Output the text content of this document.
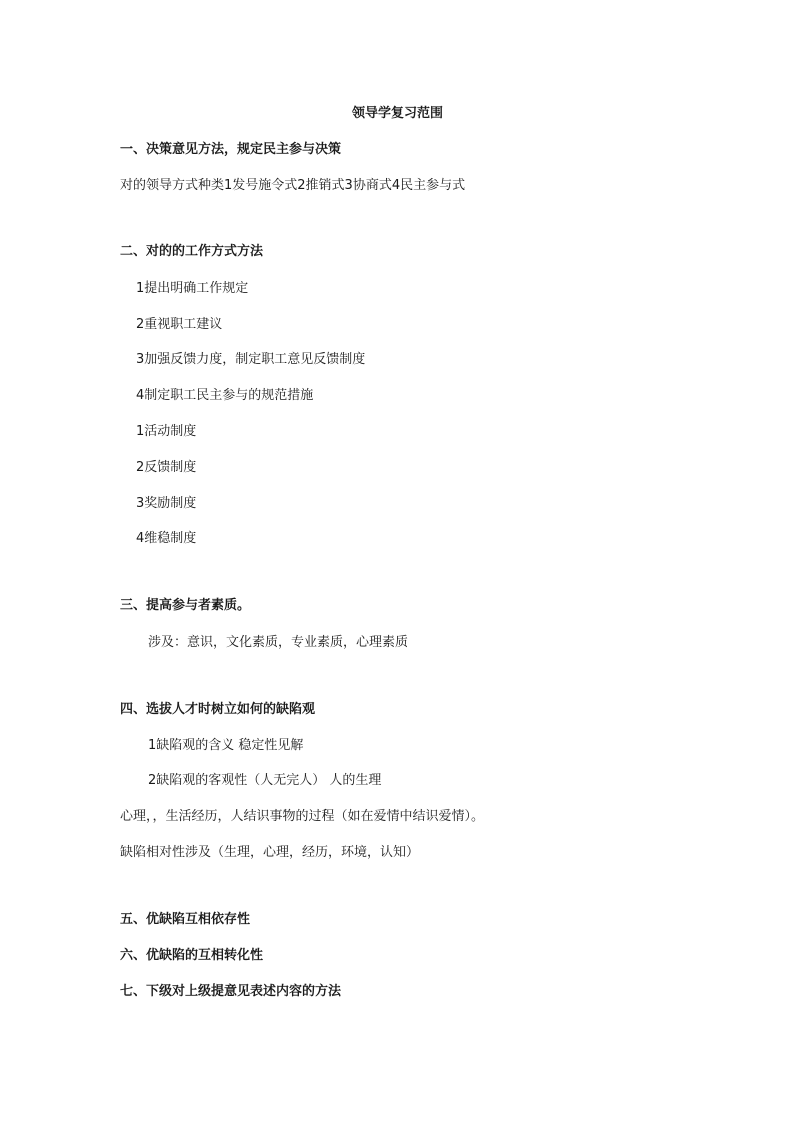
领导学复习范围
一、决策意见方法，规定民主参与决策
对的领导方式种类1发号施令式2推销式3协商式4民主参与式
二、对的的工作方式方法
1提出明确工作规定
2重视职工建议
3加强反馈力度，制定职工意见反馈制度
4制定职工民主参与的规范措施
1活动制度
2反馈制度
3奖励制度
4维稳制度
三、提高参与者素质。
涉及：意识，文化素质，专业素质，心理素质
四、选拔人才时树立如何的缺陷观
1缺陷观的含义 稳定性见解
2缺陷观的客观性（人无完人） 人的生理
心理，，生活经历，人结识事物的过程（如在爱情中结识爱情）。
缺陷相对性涉及（生理，心理，经历，环境，认知）
五、优缺陷互相依存性
六、优缺陷的互相转化性
七、下级对上级提意见表述内容的方法
